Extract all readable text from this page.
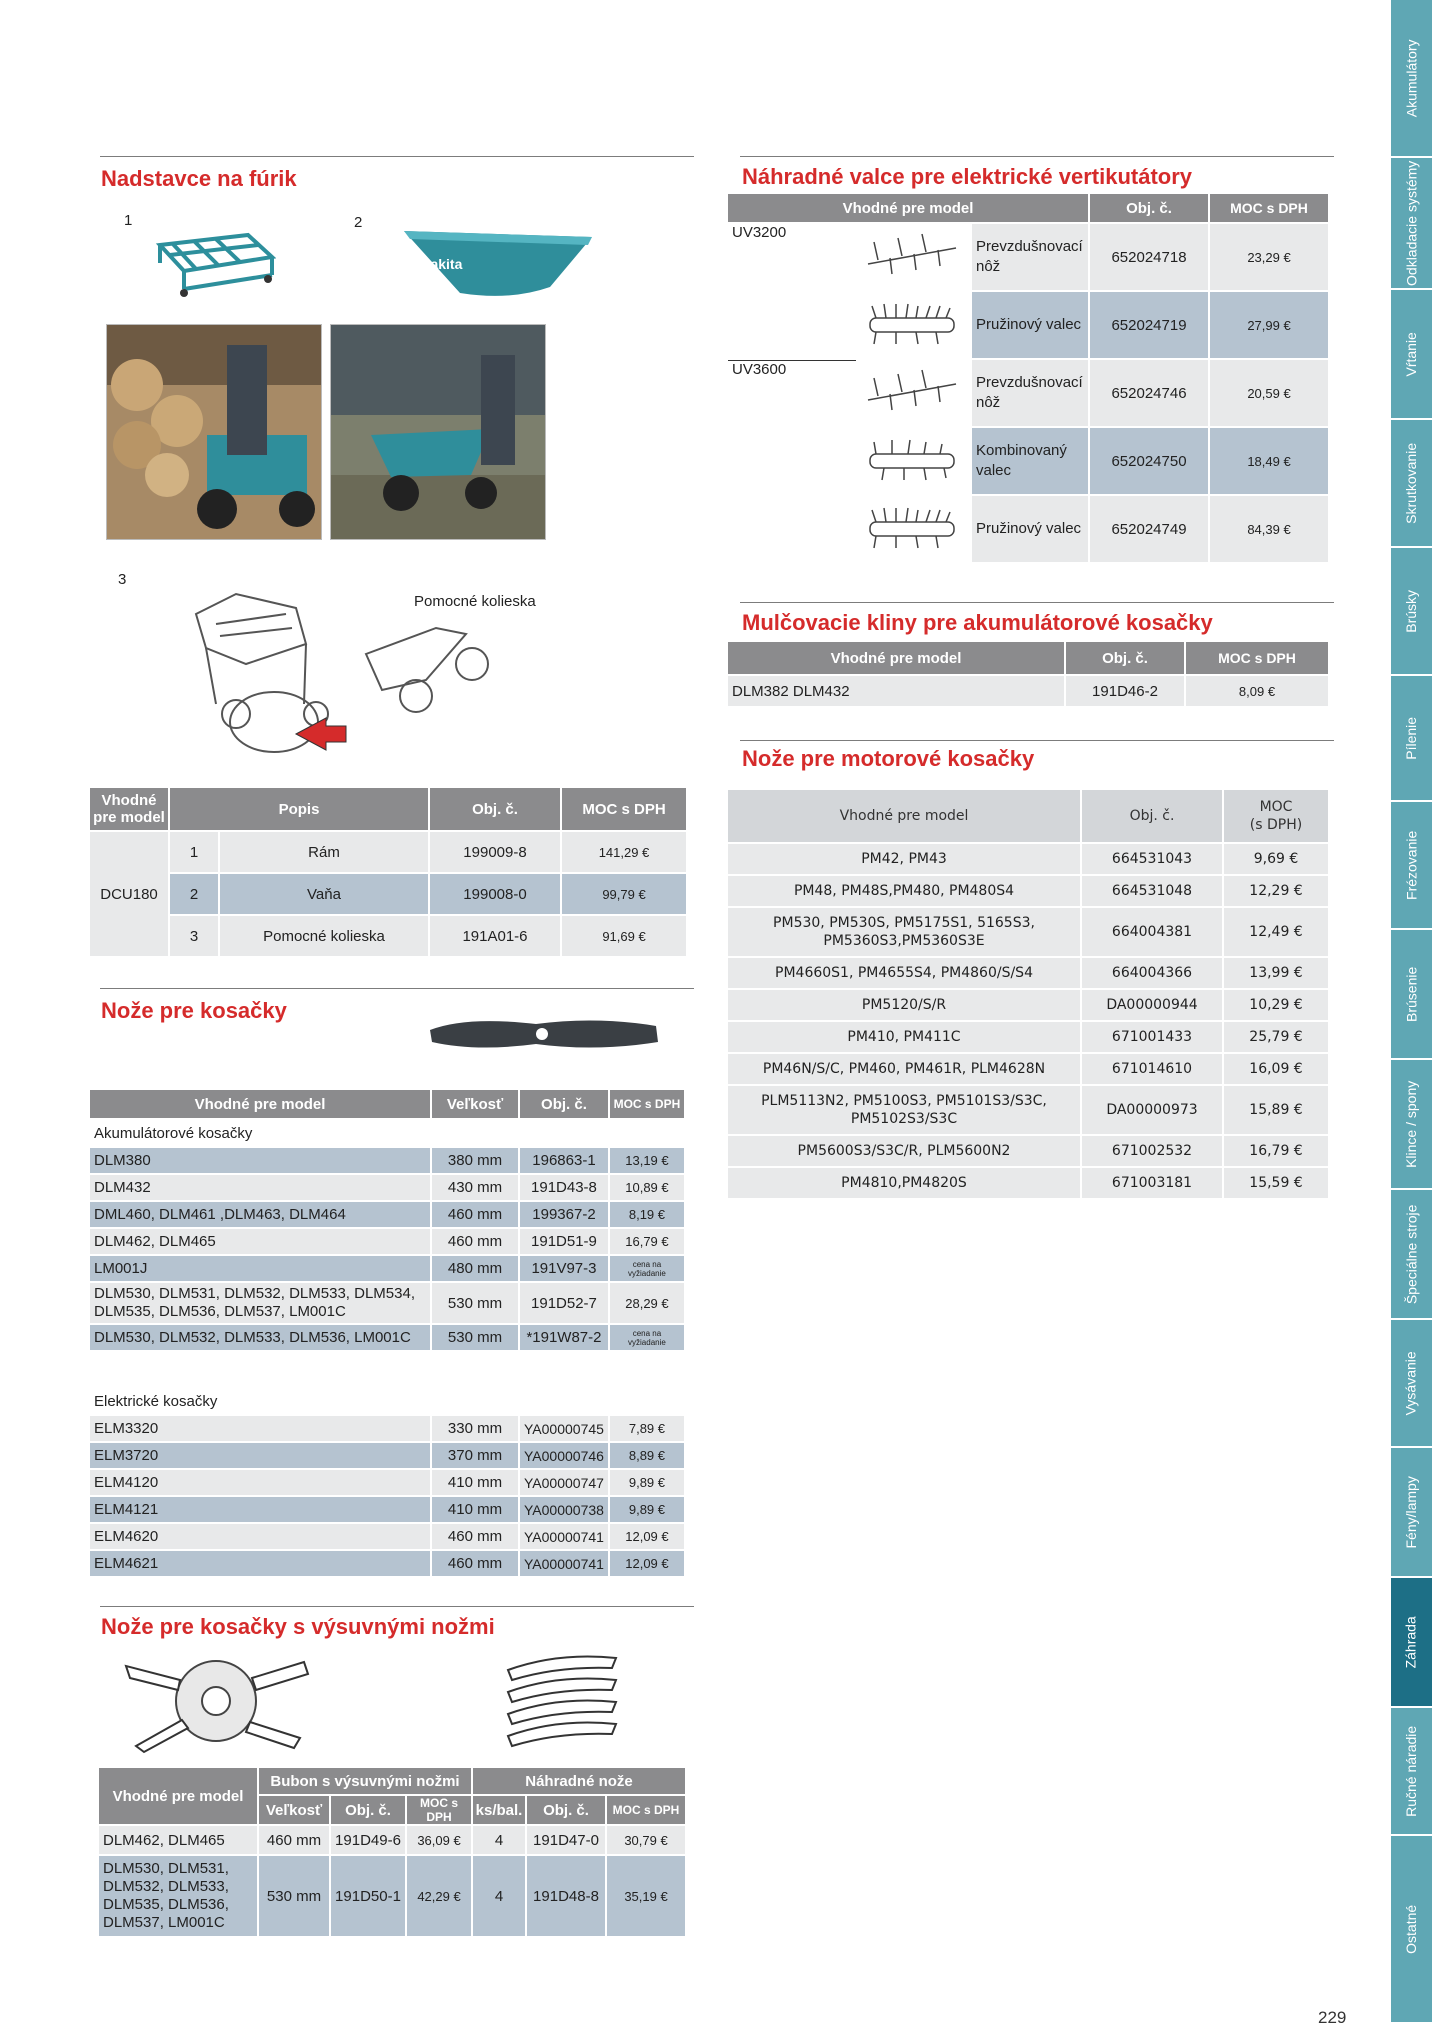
Nadstavce na fúrik
1	2
makita
3
Pomocné kolieska
Vhodné pre model	Popis		Obj. č.	MOC s DPH
DCU180	1	Rám	199009-8	141,29 €
	2	Vaňa	199008-0	99,79 €
	3	Pomocné kolieska	191A01-6	91,69 €
Nože pre kosačky
Vhodné pre model	Veľkosť	Obj. č.	MOC s DPH
Akumulátorové kosačky			
DLM380	380 mm	196863-1	13,19 €
DLM432	430 mm	191D43-8	10,89 €
DML460, DLM461 ,DLM463, DLM464	460 mm	199367-2	8,19 €
DLM462, DLM465	460 mm	191D51-9	16,79 €
LM001J	480 mm	191V97-3	cena na vyžiadanie
DLM530, DLM531, DLM532, DLM533, DLM534, DLM535, DLM536, DLM537, LM001C	530 mm	191D52-7	28,29 €
DLM530, DLM532, DLM533, DLM536, LM001C	530 mm	*191W87-2	cena na vyžiadanie

Elektrické kosačky			
ELM3320	330 mm	YA00000745	7,89 €
ELM3720	370 mm	YA00000746	8,89 €
ELM4120	410 mm	YA00000747	9,89 €
ELM4121	410 mm	YA00000738	9,89 €
ELM4620	460 mm	YA00000741	12,09 €
ELM4621	460 mm	YA00000741	12,09 €
Nože pre kosačky s výsuvnými nožmi
Vhodné pre model	Bubon s výsuvnými nožmi			Náhradné nože		
	Veľkosť	Obj. č.	MOC s DPH	ks/bal.	Obj. č.	MOC s DPH
DLM462, DLM465	460 mm	191D49-6	36,09 €	4	191D47-0	30,79 €
DLM530, DLM531, DLM532, DLM533, DLM535, DLM536, DLM537, LM001C	530 mm	191D50-1	42,29 €	4	191D48-8	35,19 €
Náhradné valce pre elektrické vertikutátory
Vhodné pre model			Obj. č.	MOC s DPH
UV3200		Prevzdušnovací nôž	652024718	23,29 €
		Pružinový valec	652024719	27,99 €
UV3600		Prevzdušnovací nôž	652024746	20,59 €
		Kombinovaný valec	652024750	18,49 €
		Pružinový valec	652024749	84,39 €
Mulčovacie kliny pre akumulátorové kosačky
Vhodné pre model	Obj. č.	MOC s DPH
DLM382 DLM432	191D46-2	8,09 €
Nože pre motorové kosačky
Vhodné pre model	Obj. č.	MOC
(s DPH)
PM42, PM43	664531043	9,69 €
PM48, PM48S,PM480, PM480S4	664531048	12,29 €
PM530, PM530S, PM5175S1, 5165S3, PM5360S3,PM5360S3E	664004381	12,49 €
PM4660S1, PM4655S4, PM4860/S/S4	664004366	13,99 €
PM5120/S/R	DA00000944	10,29 €
PM410, PM411C	671001433	25,79 €
PM46N/S/C, PM460, PM461R, PLM4628N	671014610	16,09 €
PLM5113N2, PM5100S3, PM5101S3/S3C, PM5102S3/S3C	DA00000973	15,89 €
PM5600S3/S3C/R, PLM5600N2	671002532	16,79 €
PM4810,PM4820S	671003181	15,59 €
229
Akumulátory
Odkladacie systémy
Vŕtanie
Skrutkovanie
Brúsky
Pílenie
Frézovanie
Brúsenie
Klince / spony
Špeciálne stroje
Vysávanie
Fény/lampy
Záhrada
Ručné náradie
Ostatné
